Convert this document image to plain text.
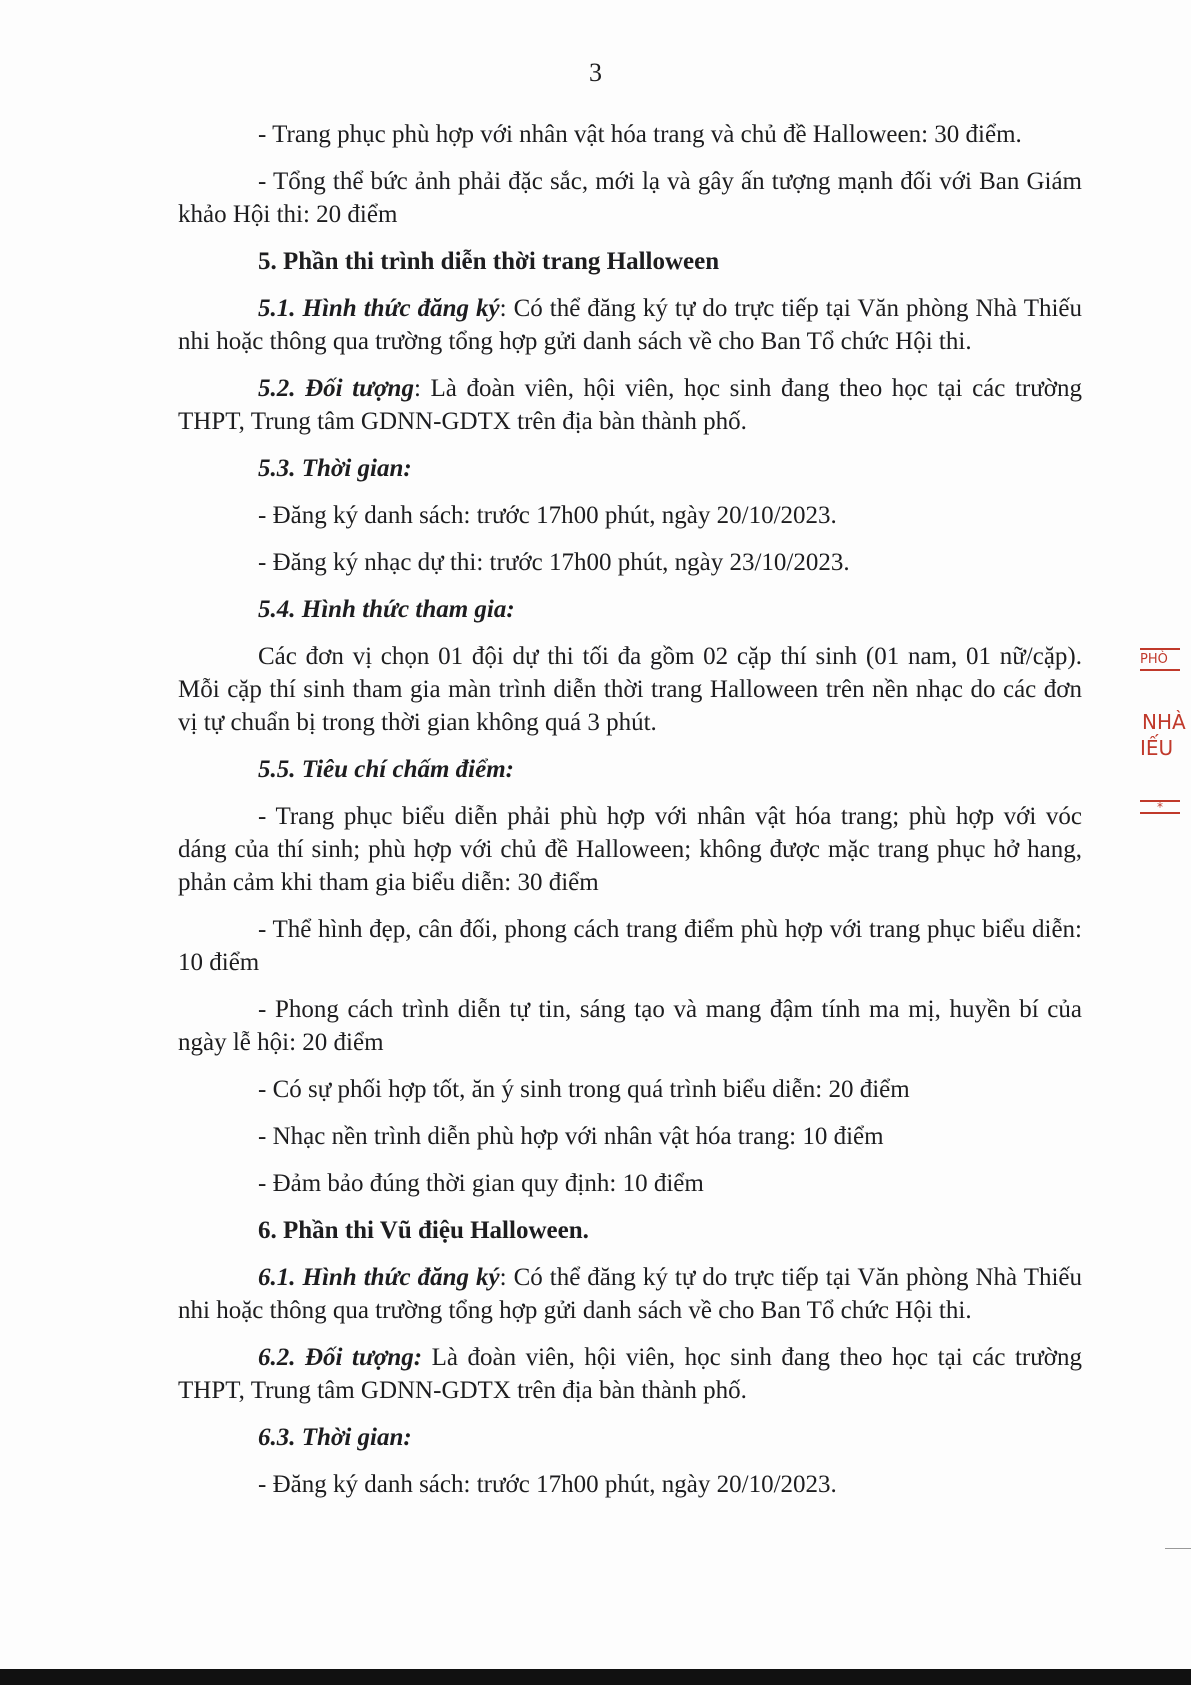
3

- Trang phục phù hợp với nhân vật hóa trang và chủ đề Halloween: 30 điểm.

- Tổng thể bức ảnh phải đặc sắc, mới lạ và gây ấn tượng mạnh đối với Ban Giám khảo Hội thi: 20 điểm

5. Phần thi trình diễn thời trang Halloween

5.1. Hình thức đăng ký: Có thể đăng ký tự do trực tiếp tại Văn phòng Nhà Thiếu nhi hoặc thông qua trường tổng hợp gửi danh sách về cho Ban Tổ chức Hội thi.

5.2. Đối tượng: Là đoàn viên, hội viên, học sinh đang theo học tại các trường THPT, Trung tâm GDNN-GDTX trên địa bàn thành phố.

5.3. Thời gian:

- Đăng ký danh sách: trước 17h00 phút, ngày 20/10/2023.

- Đăng ký nhạc dự thi: trước 17h00 phút, ngày 23/10/2023.

5.4. Hình thức tham gia:

Các đơn vị chọn 01 đội dự thi tối đa gồm 02 cặp thí sinh (01 nam, 01 nữ/cặp). Mỗi cặp thí sinh tham gia màn trình diễn thời trang Halloween trên nền nhạc do các đơn vị tự chuẩn bị trong thời gian không quá 3 phút.

5.5. Tiêu chí chấm điểm:

- Trang phục biểu diễn phải phù hợp với nhân vật hóa trang; phù hợp với vóc dáng của thí sinh; phù hợp với chủ đề Halloween; không được mặc trang phục hở hang, phản cảm khi tham gia biểu diễn: 30 điểm

- Thể hình đẹp, cân đối, phong cách trang điểm phù hợp với trang phục biểu diễn: 10 điểm

- Phong cách trình diễn tự tin, sáng tạo và mang đậm tính ma mị, huyền bí của ngày lễ hội: 20 điểm

- Có sự phối hợp tốt, ăn ý sinh trong quá trình biểu diễn: 20 điểm

- Nhạc nền trình diễn phù hợp với nhân vật hóa trang: 10 điểm

- Đảm bảo đúng thời gian quy định: 10 điểm

6. Phần thi Vũ điệu Halloween.

6.1. Hình thức đăng ký: Có thể đăng ký tự do trực tiếp tại Văn phòng Nhà Thiếu nhi hoặc thông qua trường tổng hợp gửi danh sách về cho Ban Tổ chức Hội thi.

6.2. Đối tượng: Là đoàn viên, hội viên, học sinh đang theo học tại các trường THPT, Trung tâm GDNN-GDTX trên địa bàn thành phố.

6.3. Thời gian:

- Đăng ký danh sách: trước 17h00 phút, ngày 20/10/2023.

PHÒ
NHÀ
IẾU
*
